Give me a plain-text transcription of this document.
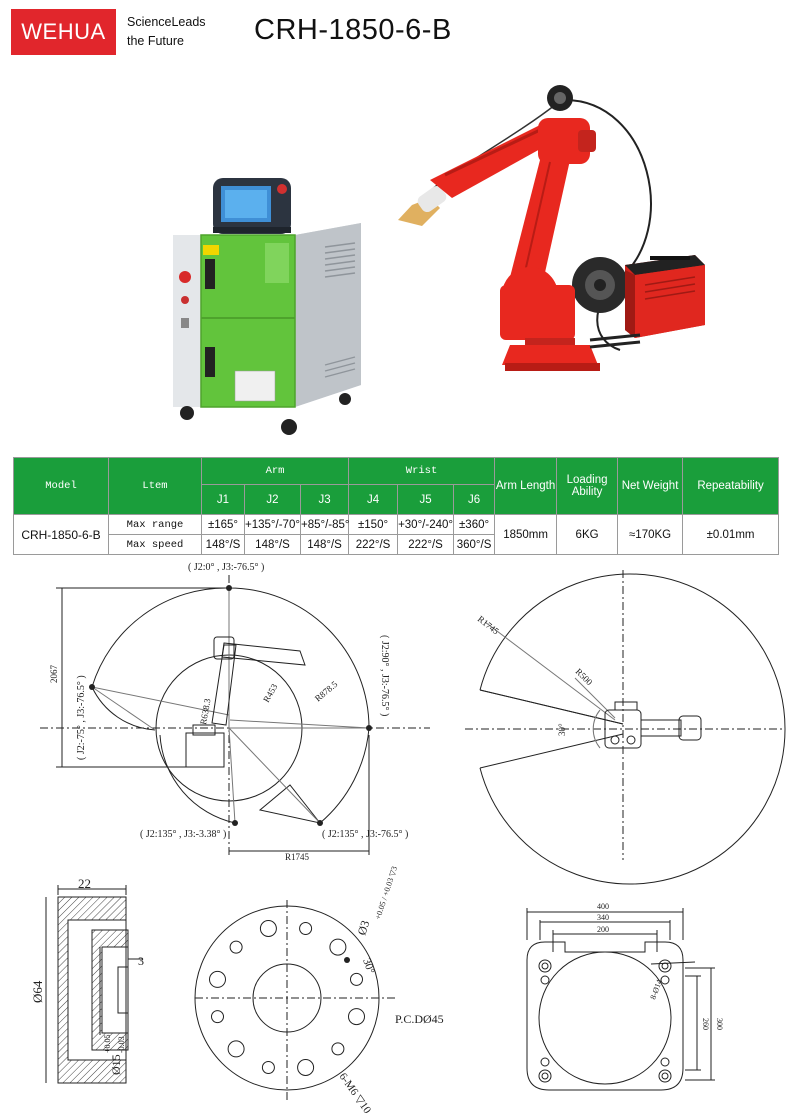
WEHUA	ScienceLeads
the Future	CRH-1850-6-B
Model	Ltem	Arm			Wrist			Arm Length	Loading Ability	Net Weight	Repeatability
		J1	J2	J3	J4	J5	J6				
CRH-1850-6-B	Max range	±165°	+135°/-70°	+85°/-85°	±150°	+30°/-240°	±360°	1850mm	6KG	≈170KG	±0.01mm
	Max speed	148°/S	148°/S	148°/S	222°/S	222°/S	360°/S				
( J2:0° , J3:-76.5° )
( J2:-75° , J3:-76.5° )	( J2:90° , J3:-76.5° )
( J2:135° , J3:-3.38° )	( J2:135° , J3:-76.5° )
2067
R1745
R878.5
R453
R638.3
R1745
R500
30°
22
3
Ø64
Ø15
+0.05 -0.03
Ø3
+0.05 / +0.03 ▽3
30°
P.C.DØ45
6-M6 ▽10
400
340
200
300
260
8-Ø14
